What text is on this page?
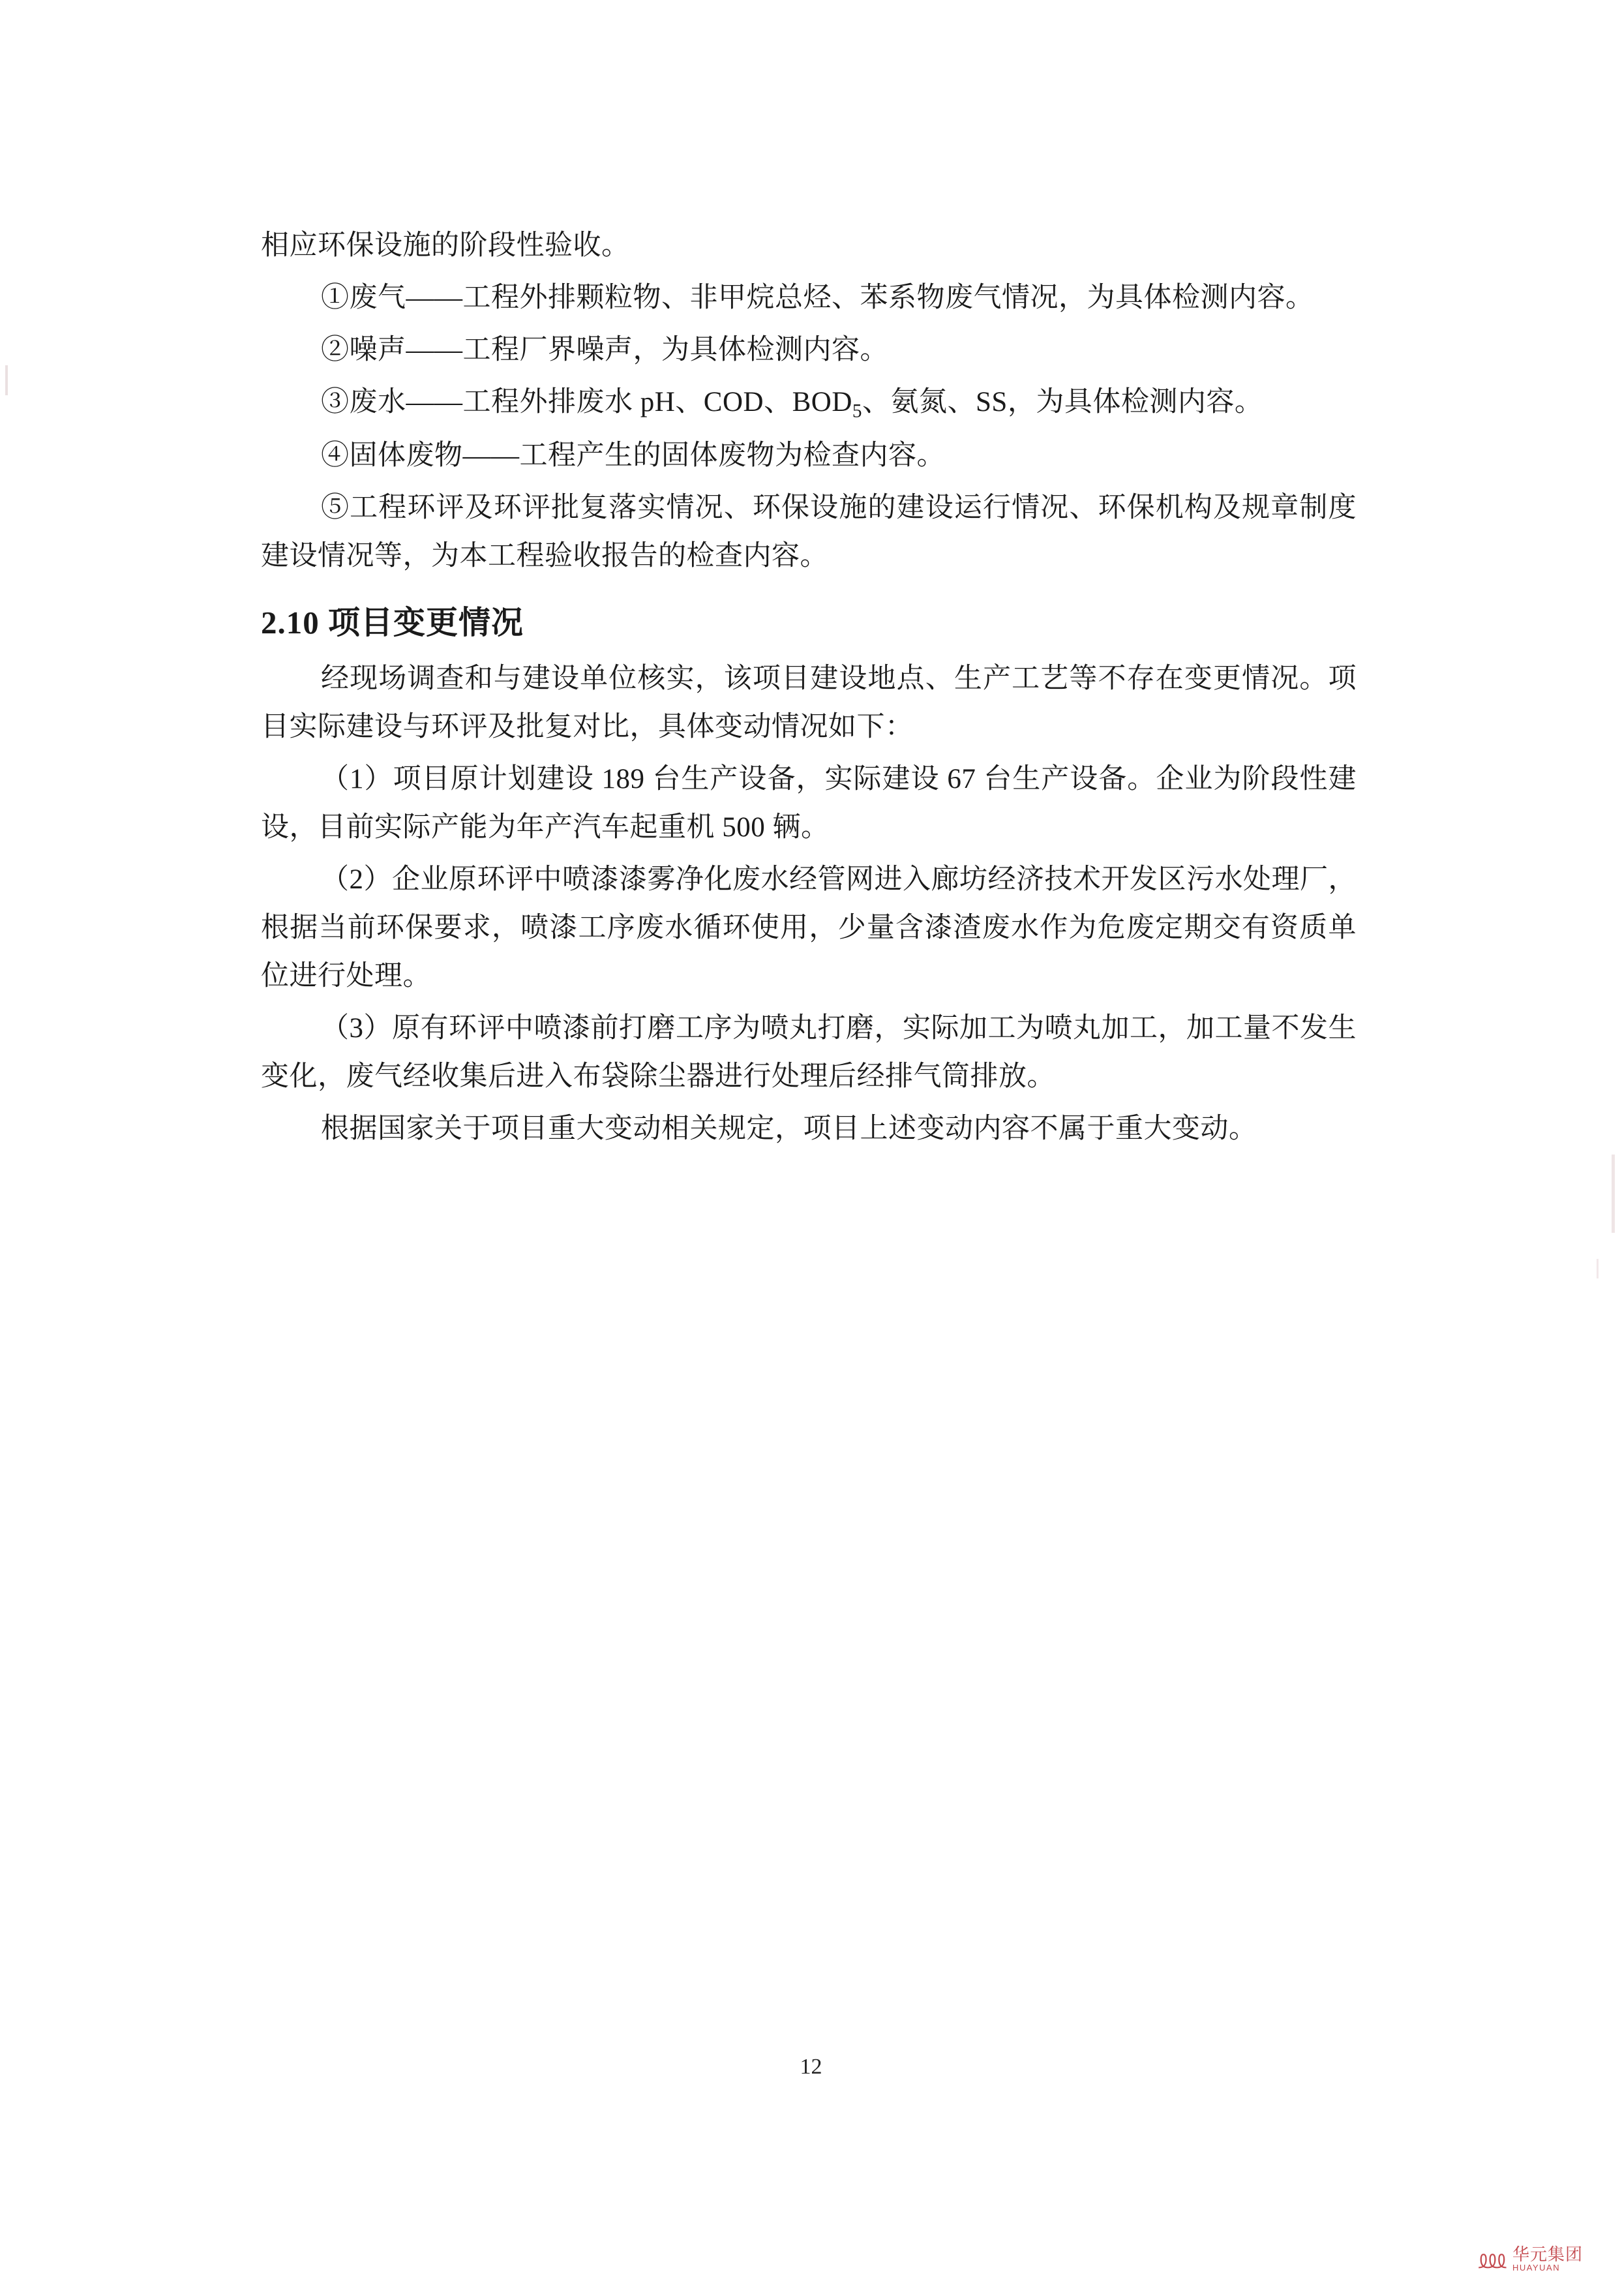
相应环保设施的阶段性验收。

①废气——工程外排颗粒物、非甲烷总烃、苯系物废气情况，为具体检测内容。

②噪声——工程厂界噪声，为具体检测内容。

③废水——工程外排废水 pH、COD、$BOD_5$、氨氮、SS，为具体检测内容。

④固体废物——工程产生的固体废物为检查内容。

⑤工程环评及环评批复落实情况、环保设施的建设运行情况、环保机构及规章制度建设情况等，为本工程验收报告的检查内容。

2.10 项目变更情况

经现场调查和与建设单位核实，该项目建设地点、生产工艺等不存在变更情况。项目实际建设与环评及批复对比，具体变动情况如下：

（1）项目原计划建设 189 台生产设备，实际建设 67 台生产设备。企业为阶段性建设，目前实际产能为年产汽车起重机 500 辆。

（2）企业原环评中喷漆漆雾净化废水经管网进入廊坊经济技术开发区污水处理厂，根据当前环保要求，喷漆工序废水循环使用，少量含漆渣废水作为危废定期交有资质单位进行处理。

（3）原有环评中喷漆前打磨工序为喷丸打磨，实际加工为喷丸加工，加工量不发生变化，废气经收集后进入布袋除尘器进行处理后经排气筒排放。

根据国家关于项目重大变动相关规定，项目上述变动内容不属于重大变动。

12
⅏ 华元集团
HUAYUAN
